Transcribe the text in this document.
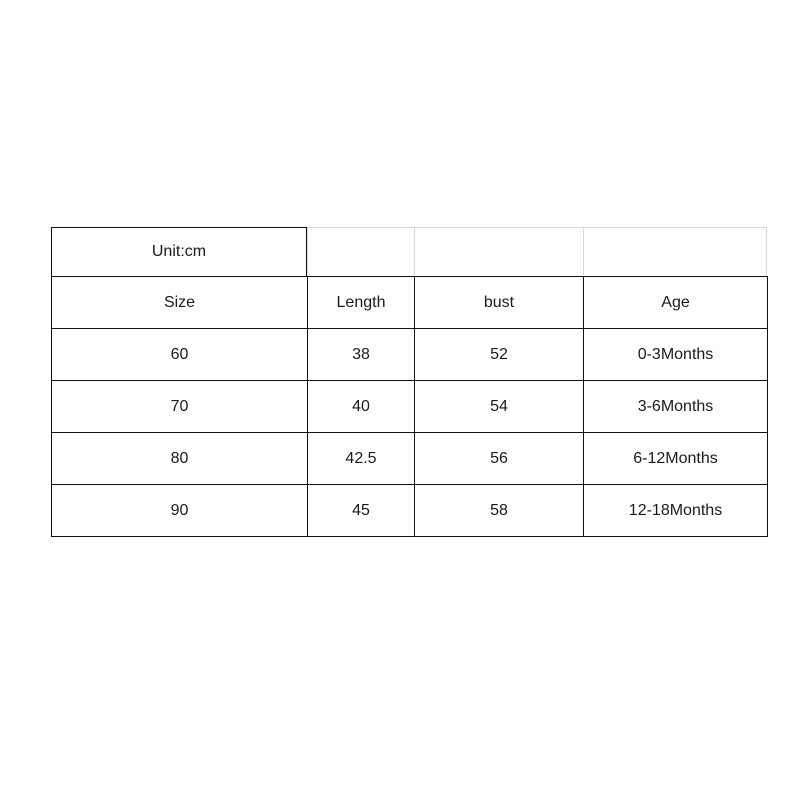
Unit:cm
Size	Length	bust	Age
60	38	52	0-3Months
70	40	54	3-6Months
80	42.5	56	6-12Months
90	45	58	12-18Months
